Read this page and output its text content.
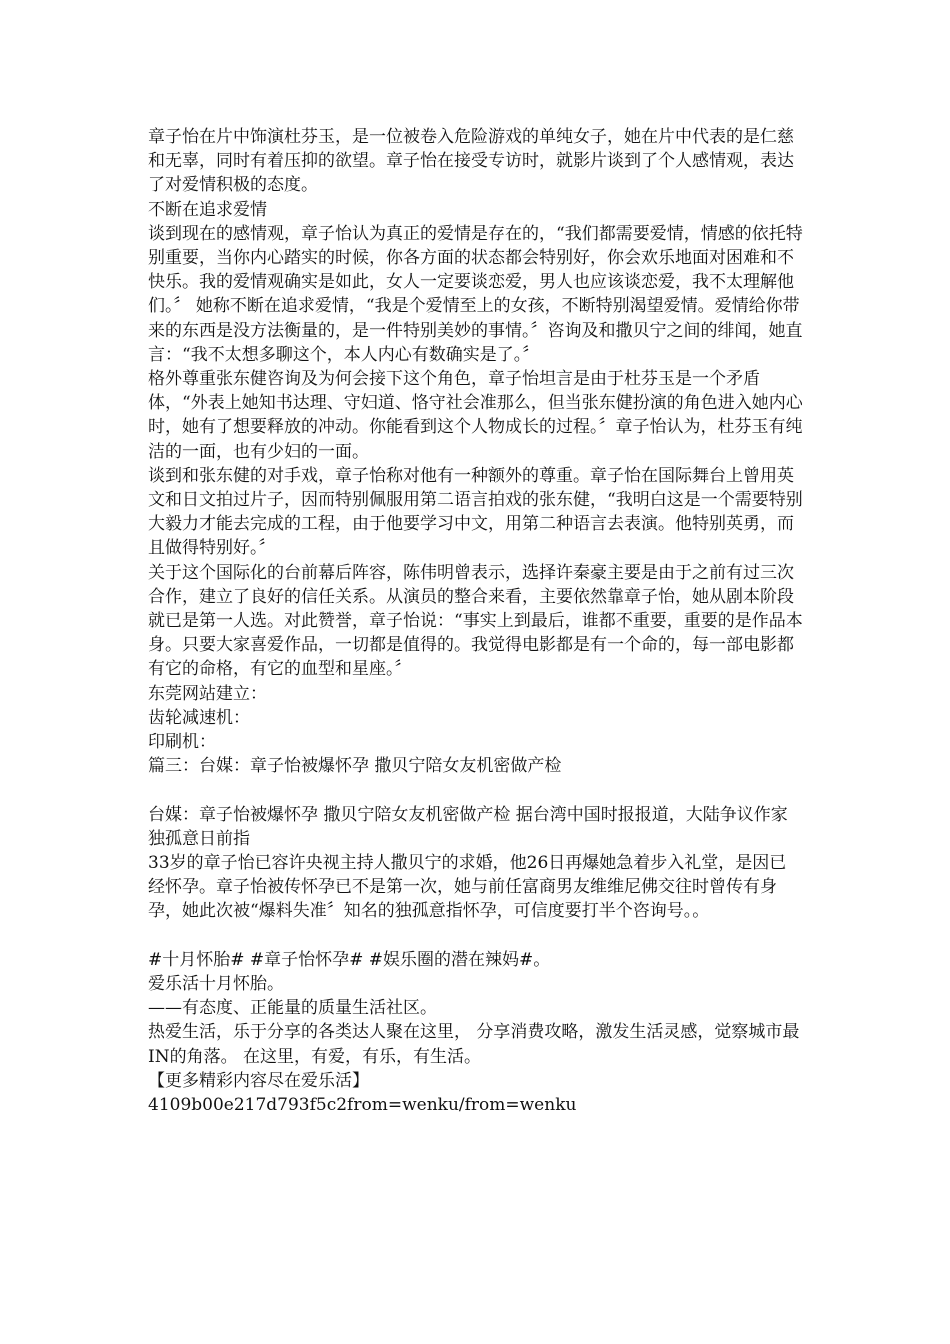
章子怡在片中饰演杜芬玉，是一位被卷入危险游戏的单纯女子，她在片中代表的是仁慈和无辜，同时有着压抑的欲望。章子怡在接受专访时，就影片谈到了个人感情观，表达了对爱情积极的态度。

不断在追求爱情

谈到现在的感情观，章子怡认为真正的爱情是存在的，“我们都需要爱情，情感的依托特别重要，当你内心踏实的时候，你各方面的状态都会特别好，你会欢乐地面对困难和不快乐。我的爱情观确实是如此，女人一定要谈恋爱，男人也应该谈恋爱，我不太理解他们。〞 她称不断在追求爱情，“我是个爱情至上的女孩，不断特别渴望爱情。爱情给你带来的东西是没方法衡量的，是一件特别美妙的事情。〞咨询及和撒贝宁之间的绯闻，她直言：“我不太想多聊这个，本人内心有数确实是了。〞

格外尊重张东健咨询及为何会接下这个角色，章子怡坦言是由于杜芬玉是一个矛盾体，“外表上她知书达理、守妇道、恪守社会准那么，但当张东健扮演的角色进入她内心时，她有了想要释放的冲动。你能看到这个人物成长的过程。〞章子怡认为，杜芬玉有纯洁的一面，也有少妇的一面。

谈到和张东健的对手戏，章子怡称对他有一种额外的尊重。章子怡在国际舞台上曾用英文和日文拍过片子，因而特别佩服用第二语言拍戏的张东健，“我明白这是一个需要特别大毅力才能去完成的工程，由于他要学习中文，用第二种语言去表演。他特别英勇，而且做得特别好。〞

关于这个国际化的台前幕后阵容，陈伟明曾表示，选择许秦豪主要是由于之前有过三次合作，建立了良好的信任关系。从演员的整合来看，主要依然靠章子怡，她从剧本阶段就已是第一人选。对此赞誉，章子怡说：“事实上到最后，谁都不重要，重要的是作品本身。只要大家喜爱作品，一切都是值得的。我觉得电影都是有一个命的，每一部电影都有它的命格，有它的血型和星座。〞

东莞网站建立：

齿轮减速机：

印刷机：

篇三：台媒：章子怡被爆怀孕 撒贝宁陪女友机密做产检

台媒：章子怡被爆怀孕 撒贝宁陪女友机密做产检 据台湾中国时报报道，大陆争议作家独孤意日前指

33岁的章子怡已容许央视主持人撒贝宁的求婚，他26日再爆她急着步入礼堂，是因已经怀孕。章子怡被传怀孕已不是第一次，她与前任富商男友维维尼佛交往时曾传有身孕，她此次被“爆料失准〞知名的独孤意指怀孕，可信度要打半个咨询号。。

#十月怀胎# #章子怡怀孕# #娱乐圈的潜在辣妈#。

爱乐活十月怀胎。

——有态度、正能量的质量生活社区。

热爱生活，乐于分享的各类达人聚在这里， 分享消费攻略，激发生活灵感，觉察城市最IN的角落。 在这里，有爱，有乐，有生活。

【更多精彩内容尽在爱乐活】

4109b00e217d793f5c2from=wenku/from=wenku
